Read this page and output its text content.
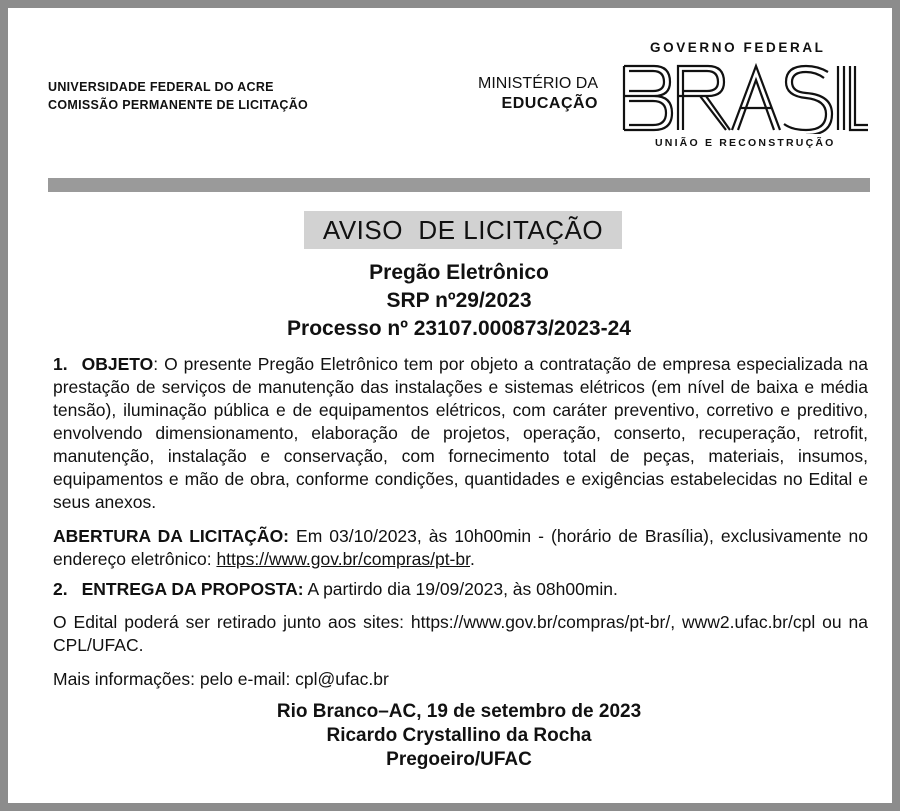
UNIVERSIDADE FEDERAL DO ACRE
COMISSÃO PERMANENTE DE LICITAÇÃO
MINISTÉRIO DA
EDUCAÇÃO
GOVERNO FEDERAL
UNIÃO E RECONSTRUÇÃO
AVISO  DE LICITAÇÃO
Pregão Eletrônico
SRP nº29/2023
Processo nº 23107.000873/2023-24
1. OBJETO: O presente Pregão Eletrônico tem por objeto a contratação de empresa especializada na prestação de serviços de manutenção das instalações e sistemas elétricos (em nível de baixa e média tensão), iluminação pública e de equipamentos elétricos, com caráter preventivo, corretivo e preditivo, envolvendo dimensionamento, elaboração de projetos, operação, conserto, recuperação, retrofit, manutenção, instalação e conservação, com fornecimento total de peças, materiais, insumos, equipamentos e mão de obra, conforme condições, quantidades e exigências estabelecidas no Edital e seus anexos.
ABERTURA DA LICITAÇÃO: Em 03/10/2023, às 10h00min - (horário de Brasília), exclusivamente no endereço eletrônico: https://www.gov.br/compras/pt-br.
2. ENTREGA DA PROPOSTA: A partirdo dia 19/09/2023, às 08h00min.
O Edital poderá ser retirado junto aos sites: https://www.gov.br/compras/pt-br/, www2.ufac.br/cpl ou na CPL/UFAC.
Mais informações: pelo e-mail: cpl@ufac.br
Rio Branco–AC, 19 de setembro de 2023
Ricardo Crystallino da Rocha
Pregoeiro/UFAC
